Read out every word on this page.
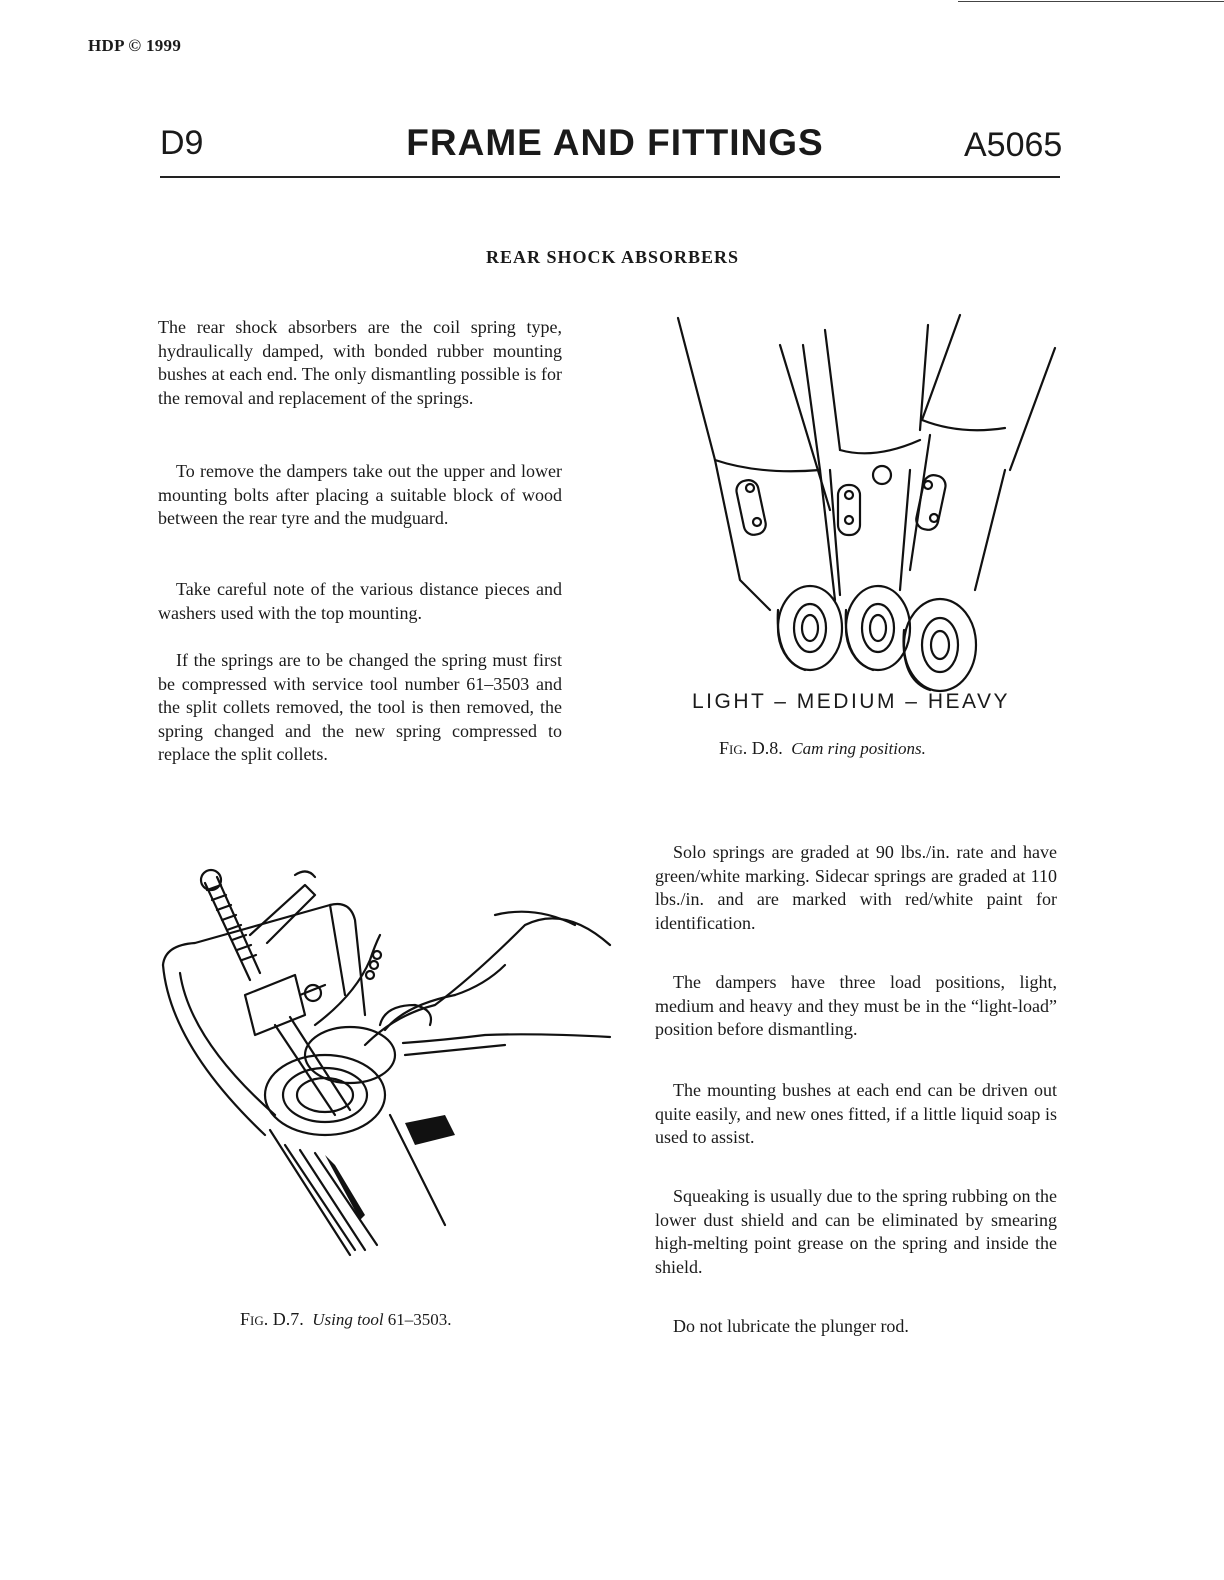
HDP © 1999
D9	FRAME AND FITTINGS	A5065
REAR SHOCK ABSORBERS

The rear shock absorbers are the coil spring type, hydraulically damped, with bonded rubber mounting bushes at each end. The only dismantling possible is for the removal and replacement of the springs.

To remove the dampers take out the upper and lower mounting bolts after placing a suitable block of wood between the rear tyre and the mudguard.

Take careful note of the various distance pieces and washers used with the top mounting.

If the springs are to be changed the spring must first be compressed with service tool number 61–3503 and the split collets removed, the tool is then removed, the spring changed and the new spring compressed to replace the split collets.

LIGHT – MEDIUM – HEAVY
Fig. D.8. Cam ring positions.
Fig. D.7. Using tool 61–3503.

Solo springs are graded at 90 lbs./in. rate and have green/white marking. Sidecar springs are graded at 110 lbs./in. and are marked with red/white paint for identification.

The dampers have three load positions, light, medium and heavy and they must be in the “light-load” position before dismantling.

The mounting bushes at each end can be driven out quite easily, and new ones fitted, if a little liquid soap is used to assist.

Squeaking is usually due to the spring rubbing on the lower dust shield and can be eliminated by smearing high-melting point grease on the spring and inside the shield.

Do not lubricate the plunger rod.
